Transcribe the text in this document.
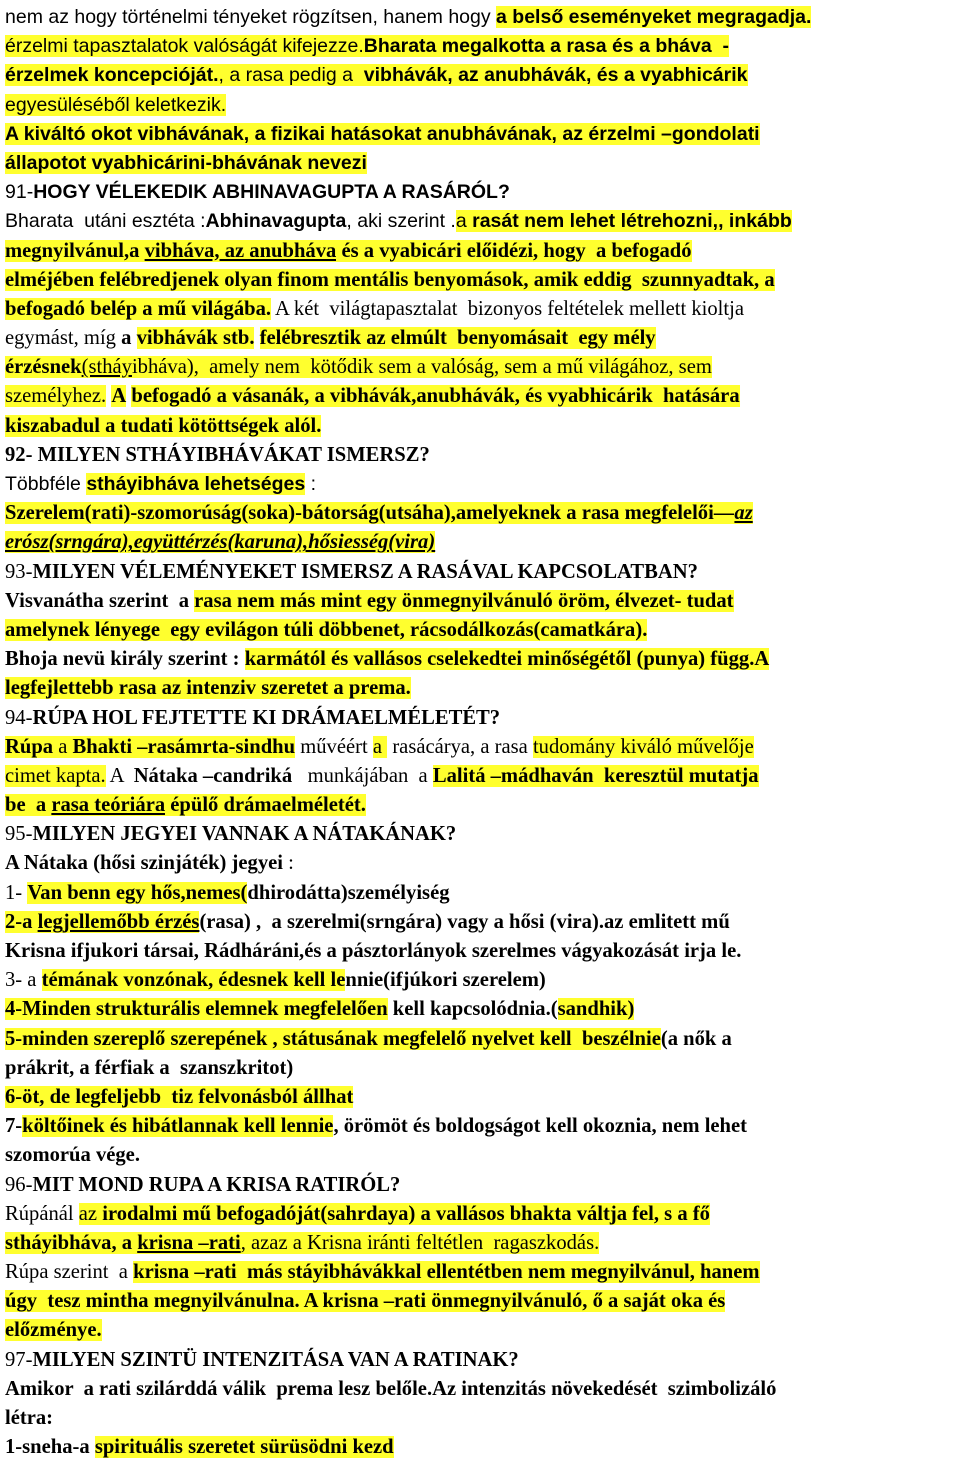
nem az hogy történelmi tényeket rögzítsen, hanem hogy a belső eseményeket megragadja.
érzelmi tapasztalatok valóságát kifejezze.Bharata megalkotta a rasa és a bháva  -
érzelmek koncepcióját., a rasa pedig a  vibhávák, az anubhávák, és a vyabhicárik
egyesüléséből keletkezik.
A kiváltó okot vibhávának, a fizikai hatásokat anubhávának, az érzelmi –gondolati
állapotot vyabhicárini-bhávának nevezi
91-HOGY VÉLEKEDIK ABHINAVAGUPTA A RASÁRÓL?
Bharata  utáni esztéta :Abhinavagupta, aki szerint .a rasát nem lehet létrehozni,, inkább
megnyilvánul,a vibháva, az anubháva és a vyabicári előidézi, hogy  a befogadó
elméjében felébredjenek olyan finom mentális benyomások, amik eddig  szunnyadtak, a
befogadó belép a mű világába. A két  világtapasztalat  bizonyos feltételek mellett kioltja
egymást, míg a vibhávák stb. felébresztik az elmúlt  benyomásait  egy mély
érzésnek(stháyibháva),  amely nem  kötődik sem a valóság, sem a mű világához, sem
személyhez. A befogadó a vásanák, a vibhávák,anubhávák, és vyabhicárik  hatására
kiszabadul a tudati kötöttségek alól.
92- MILYEN STHÁYIBHÁVÁKAT ISMERSZ?
Többféle stháyibháva lehetséges :
Szerelem(rati)-szomorúság(soka)-bátorság(utsáha),amelyeknek a rasa megfelelői—az
erósz(srngára),együttérzés(karuna),hősiesség(vira)
93-MILYEN VÉLEMÉNYEKET ISMERSZ A RASÁVAL KAPCSOLATBAN?
Visvanátha szerint  a rasa nem más mint egy önmegnyilvánuló öröm, élvezet- tudat
amelynek lényege  egy evilágon túli döbbenet, rácsodálkozás(camatkára).
Bhoja nevü király szerint : karmától és vallásos cselekedtei minőségétől (punya) függ.A
legfejlettebb rasa az intenziv szeretet a prema.
94-RÚPA HOL FEJTETTE KI DRÁMAELMÉLETÉT?
Rúpa a Bhakti –rasámrta-sindhu művéért a  rasácárya, a rasa tudomány kiváló művelője
cimet kapta. A  Nátaka –candriká   munkájában  a Lalitá –mádhaván  keresztül mutatja
be  a rasa teóriára épülő drámaelméletét.
95-MILYEN JEGYEI VANNAK A NÁTAKÁNAK?
A Nátaka (hősi szinjáték) jegyei :
1- Van benn egy hős,nemes(dhirodátta)személyiség
2-a legjellemőbb érzés(rasa) ,  a szerelmi(srngára) vagy a hősi (vira).az emlitett mű
Krisna ifjukori társai, Rádháráni,és a pásztorlányok szerelmes vágyakozását irja le.
3- a témának vonzónak, édesnek kell lennie(ifjúkori szerelem)
4-Minden strukturális elemnek megfelelően kell kapcsolódnia.(sandhik)
5-minden szereplő szerepének , státusának megfelelő nyelvet kell  beszélnie(a nők a
prákrit, a férfiak a  szanszkritot)
6-öt, de legfeljebb  tiz felvonásból állhat
7-költőinek és hibátlannak kell lennie, örömöt és boldogságot kell okoznia, nem lehet
szomorúa vége.
96-MIT MOND RUPA A KRISA RATIRÓL?
Rúpánál az irodalmi mű befogadóját(sahrdaya) a vallásos bhakta váltja fel, s a fő
stháyibháva, a krisna –rati, azaz a Krisna iránti feltétlen  ragaszkodás.
Rúpa szerint  a krisna –rati  más stáyibhávákkal ellentétben nem megnyilvánul, hanem
úgy  tesz mintha megnyilvánulna. A krisna –rati önmegnyilvánuló, ő a saját oka és
előzménye.
97-MILYEN SZINTÜ INTENZITÁSA VAN A RATINAK?
Amikor  a rati szilárddá válik  prema lesz belőle.Az intenzitás növekedését  szimbolizáló
létra:
1-sneha-a spirituális szeretet sürüsödni kezd
